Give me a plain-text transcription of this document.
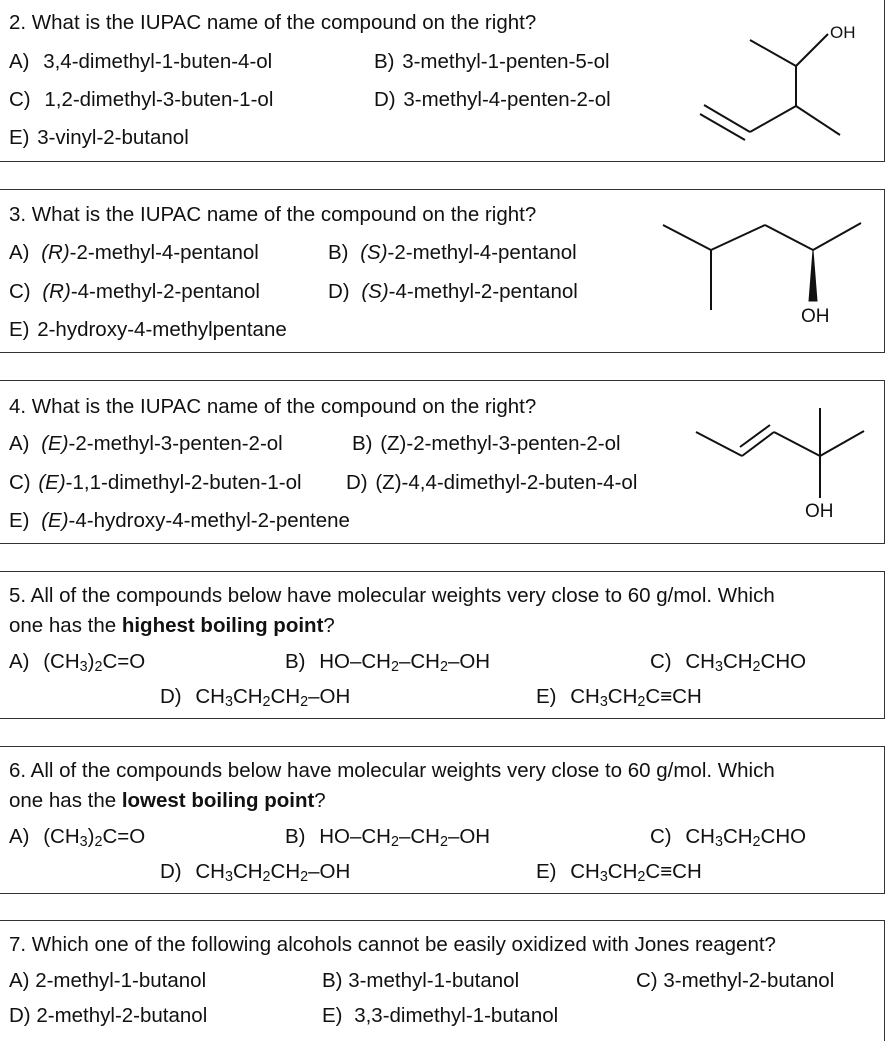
2. What is the IUPAC name of the compound on the right?
A) 3,4-dimethyl-1-buten-4-ol	B) 3-methyl-1-penten-5-ol
C) 1,2-dimethyl-3-buten-1-ol	D) 3-methyl-4-penten-2-ol
E) 3-vinyl-2-butanol
OH
3. What is the IUPAC name of the compound on the right?
A) (R)-2-methyl-4-pentanol	B) (S)-2-methyl-4-pentanol
C) (R)-4-methyl-2-pentanol	D) (S)-4-methyl-2-pentanol
E) 2-hydroxy-4-methylpentane
OH
4. What is the IUPAC name of the compound on the right?
A) (E)-2-methyl-3-penten-2-ol	B) (Z)-2-methyl-3-penten-2-ol
C) (E)-1,1-dimethyl-2-buten-1-ol D) (Z)-4,4-dimethyl-2-buten-4-ol
E) (E)-4-hydroxy-4-methyl-2-pentene	OH
5. All of the compounds below have molecular weights very close to 60 g/mol. Which
one has the highest boiling point?
A) $(CH_3)_2C=O$	B) $HO-CH_2-CH_2-OH$	C) $CH_3CH_2CHO$
D) $CH_3CH_2CH_2-OH$	E) $CH_3CH_2C\equiv CH$
6. All of the compounds below have molecular weights very close to 60 g/mol. Which
one has the lowest boiling point?
A) $(CH_3)_2C=O$	B) $HO-CH_2-CH_2-OH$	C) $CH_3CH_2CHO$
D) $CH_3CH_2CH_2-OH$	E) $CH_3CH_2C\equiv CH$
7. Which one of the following alcohols cannot be easily oxidized with Jones reagent?
A) 2-methyl-1-butanol	B) 3-methyl-1-butanol	C) 3-methyl-2-butanol
D) 2-methyl-2-butanol	E) 3,3-dimethyl-1-butanol
